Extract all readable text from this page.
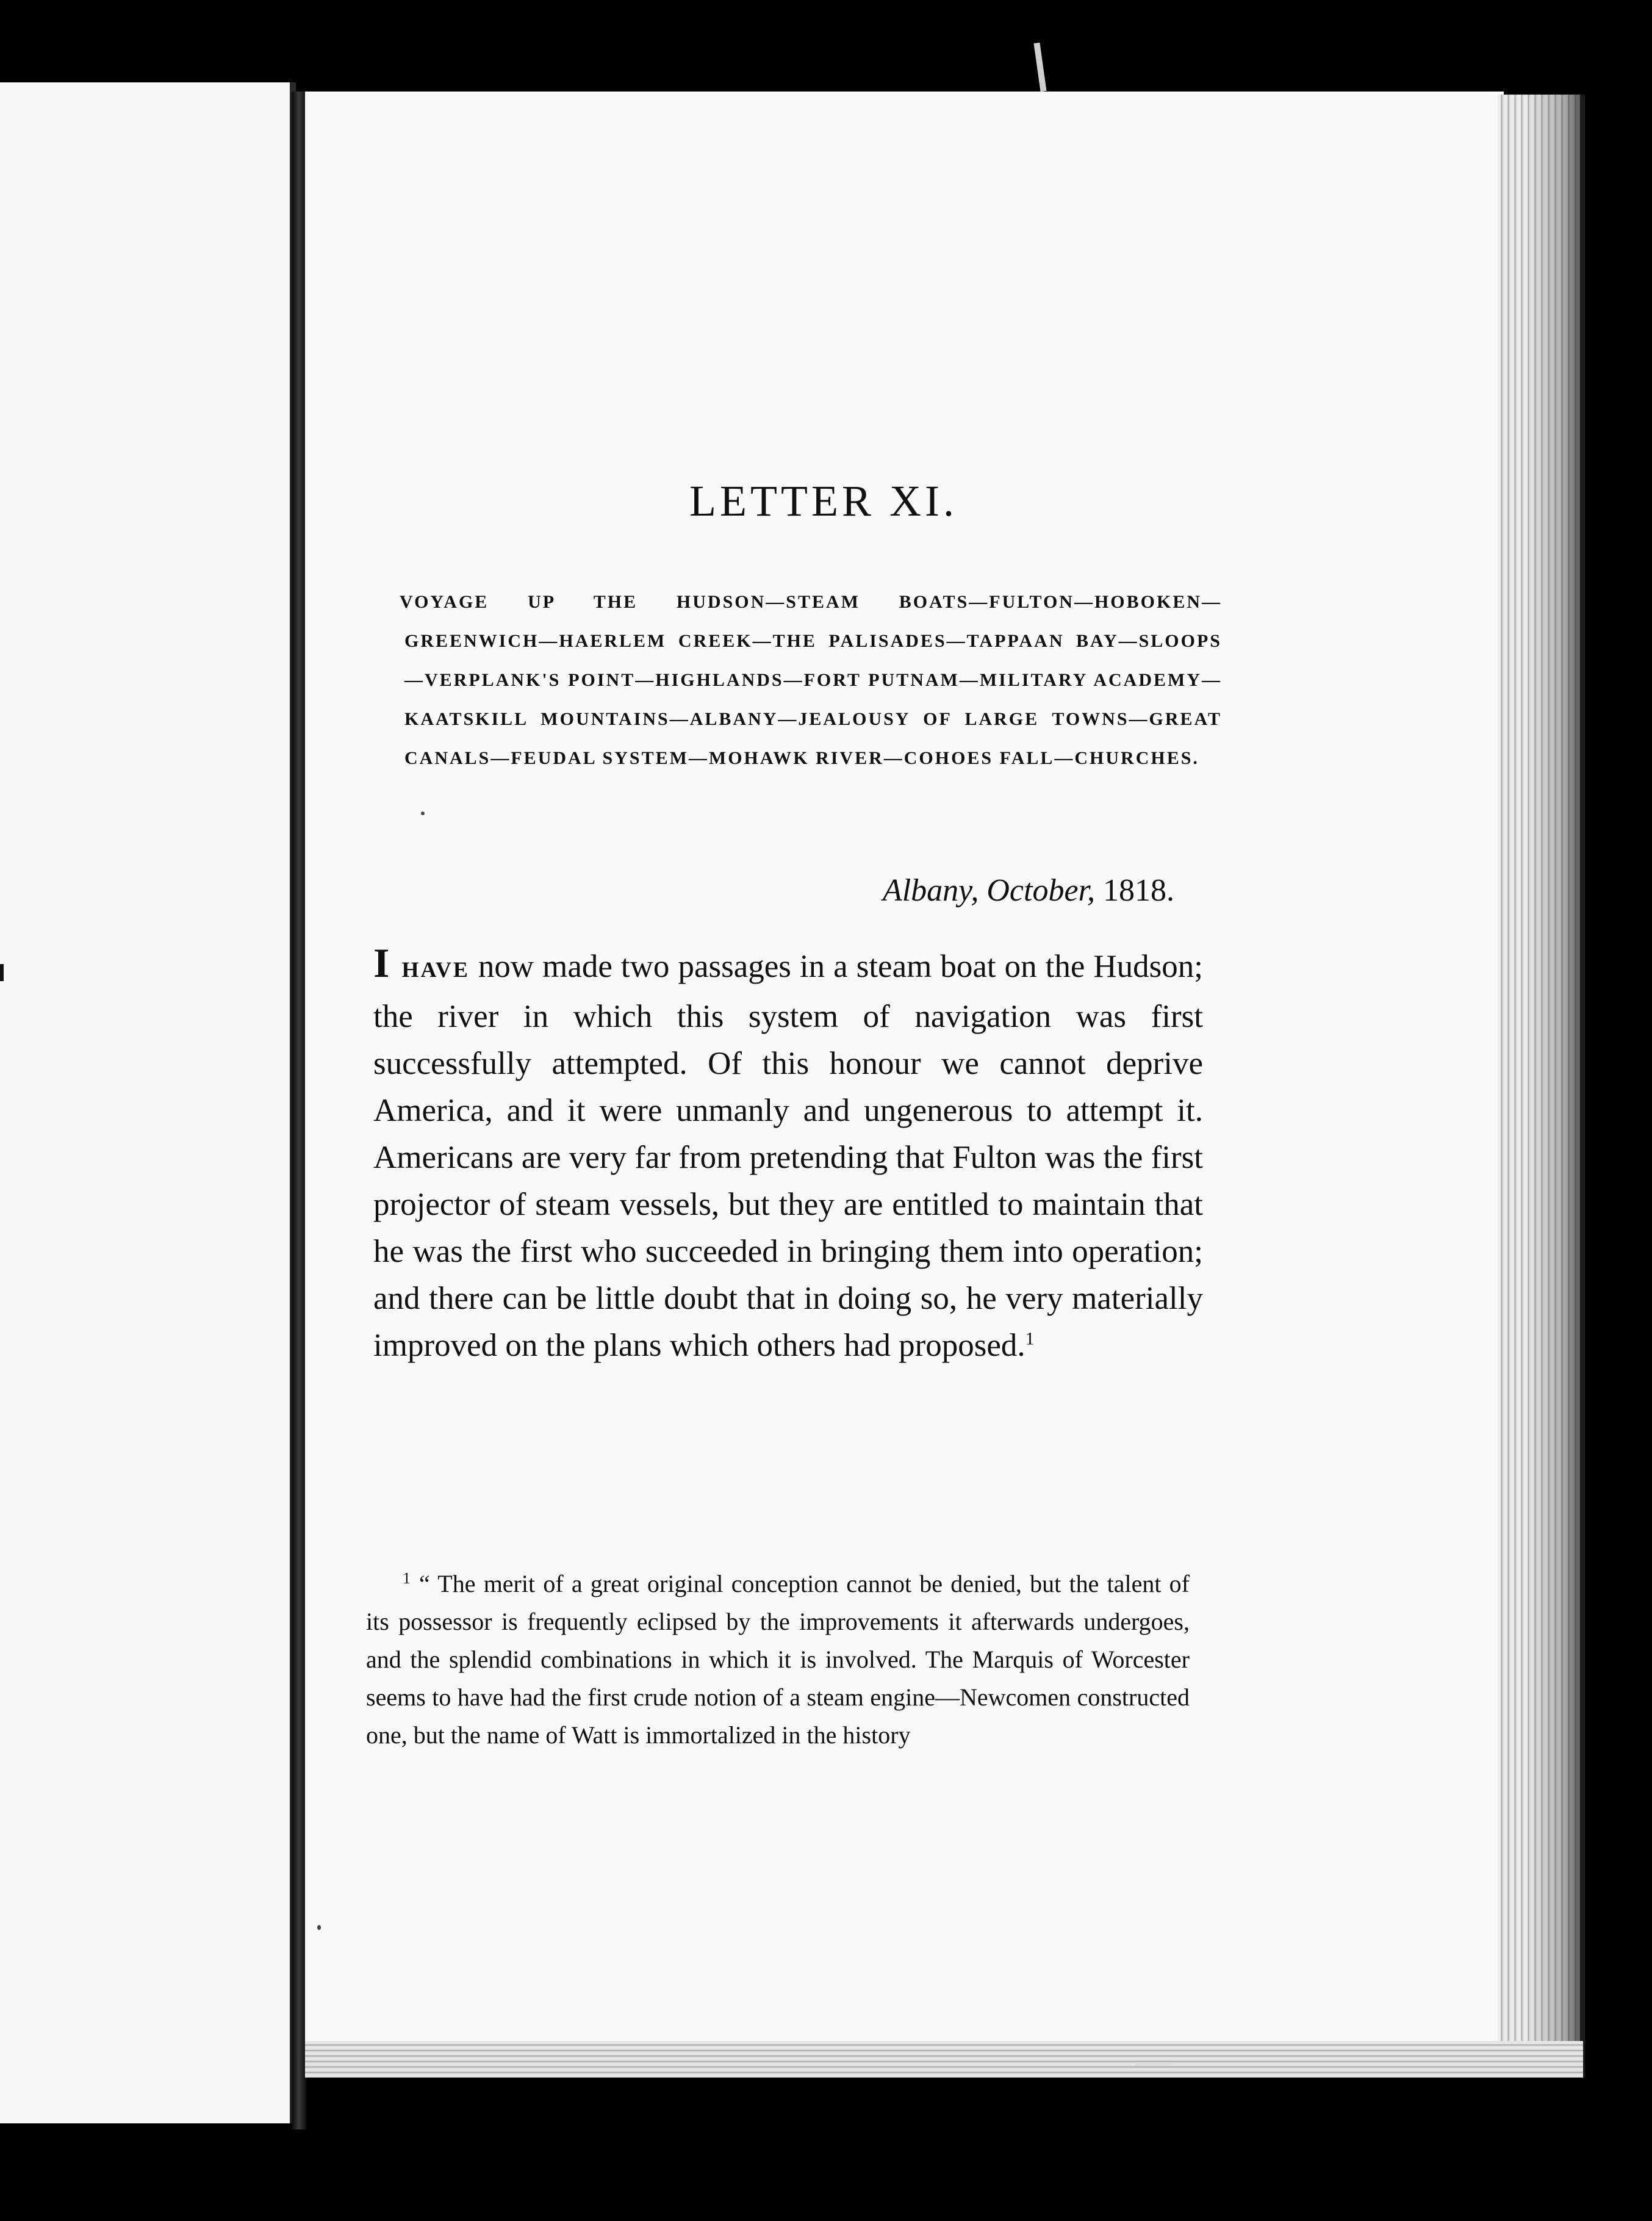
LETTER XI.
VOYAGE UP THE HUDSON—STEAM BOATS—FULTON—HOBOKEN—GREENWICH—HAERLEM CREEK—THE PALISADES—TAPPAAN BAY—SLOOPS—VERPLANK'S POINT—HIGHLANDS—FORT PUTNAM—MILITARY ACADEMY—KAATSKILL MOUNTAINS—ALBANY—JEALOUSY OF LARGE TOWNS—GREAT CANALS—FEUDAL SYSTEM—MOHAWK RIVER—COHOES FALL—CHURCHES.
Albany, October, 1818.
I HAVE now made two passages in a steam boat on the Hudson; the river in which this system of navigation was first successfully attempted. Of this honour we cannot deprive America, and it were unmanly and ungenerous to attempt it. Americans are very far from pretending that Fulton was the first projector of steam vessels, but they are entitled to maintain that he was the first who succeeded in bringing them into operation; and there can be little doubt that in doing so, he very materially improved on the plans which others had proposed.$^1$
$^1$ “ The merit of a great original conception cannot be denied, but the talent of its possessor is frequently eclipsed by the improvements it afterwards undergoes, and the splendid combinations in which it is involved. The Marquis of Worcester seems to have had the first crude notion of a steam engine—Newcomen constructed one, but the name of Watt is immortalized in the history
